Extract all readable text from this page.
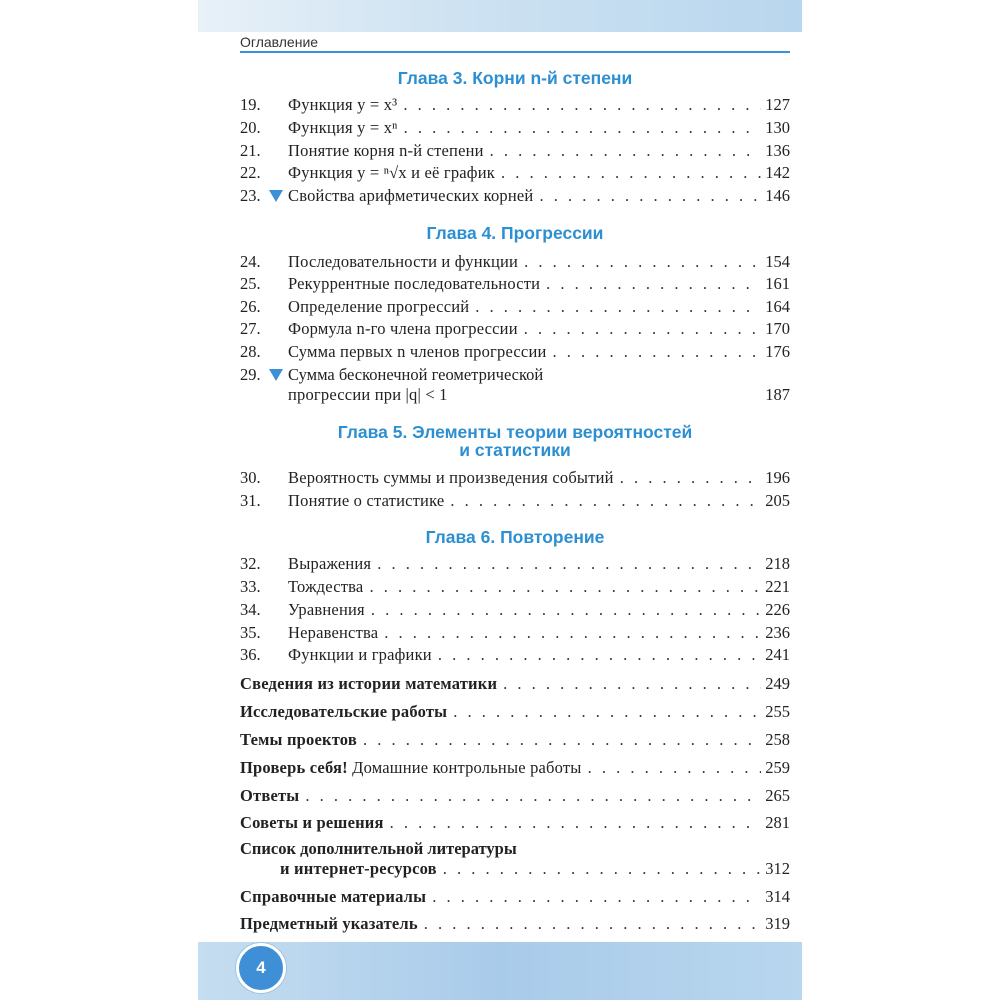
Оглавление
Глава 3. Корни n-й степени
19. Функция y = x³ . . .	127
20. Функция y = xⁿ . . .	130
21. Понятие корня n-й степени . . .	136
22. Функция y = ⁿ√x и её график . . .	142
23. Свойства арифметических корней . . .	146
Глава 4. Прогрессии
24. Последовательности и функции . . .	154
25. Рекуррентные последовательности . . .	161
26. Определение прогрессий . . .	164
27. Формула n-го члена прогрессии . . .	170
28. Сумма первых n членов прогрессии . . .	176
29. Сумма бесконечной геометрической
прогрессии при |q| < 1	187
Глава 5. Элементы теории вероятностей
и статистики
30. Вероятность суммы и произведения событий . . .	196
31. Понятие о статистике . . .	205
Глава 6. Повторение
32. Выражения . . .	218
33. Тождества . . .	221
34. Уравнения . . .	226
35. Неравенства . . .	236
36. Функции и графики . . .	241
Сведения из истории математики . . .	249
Исследовательские работы . . .	255
Темы проектов . . .	258
Проверь себя! Домашние контрольные работы . . .	259
Ответы . . .	265
Советы и решения . . .	281
Список дополнительной литературы
и интернет-ресурсов . . .	312
Справочные материалы . . .	314
Предметный указатель . . .	319
4
